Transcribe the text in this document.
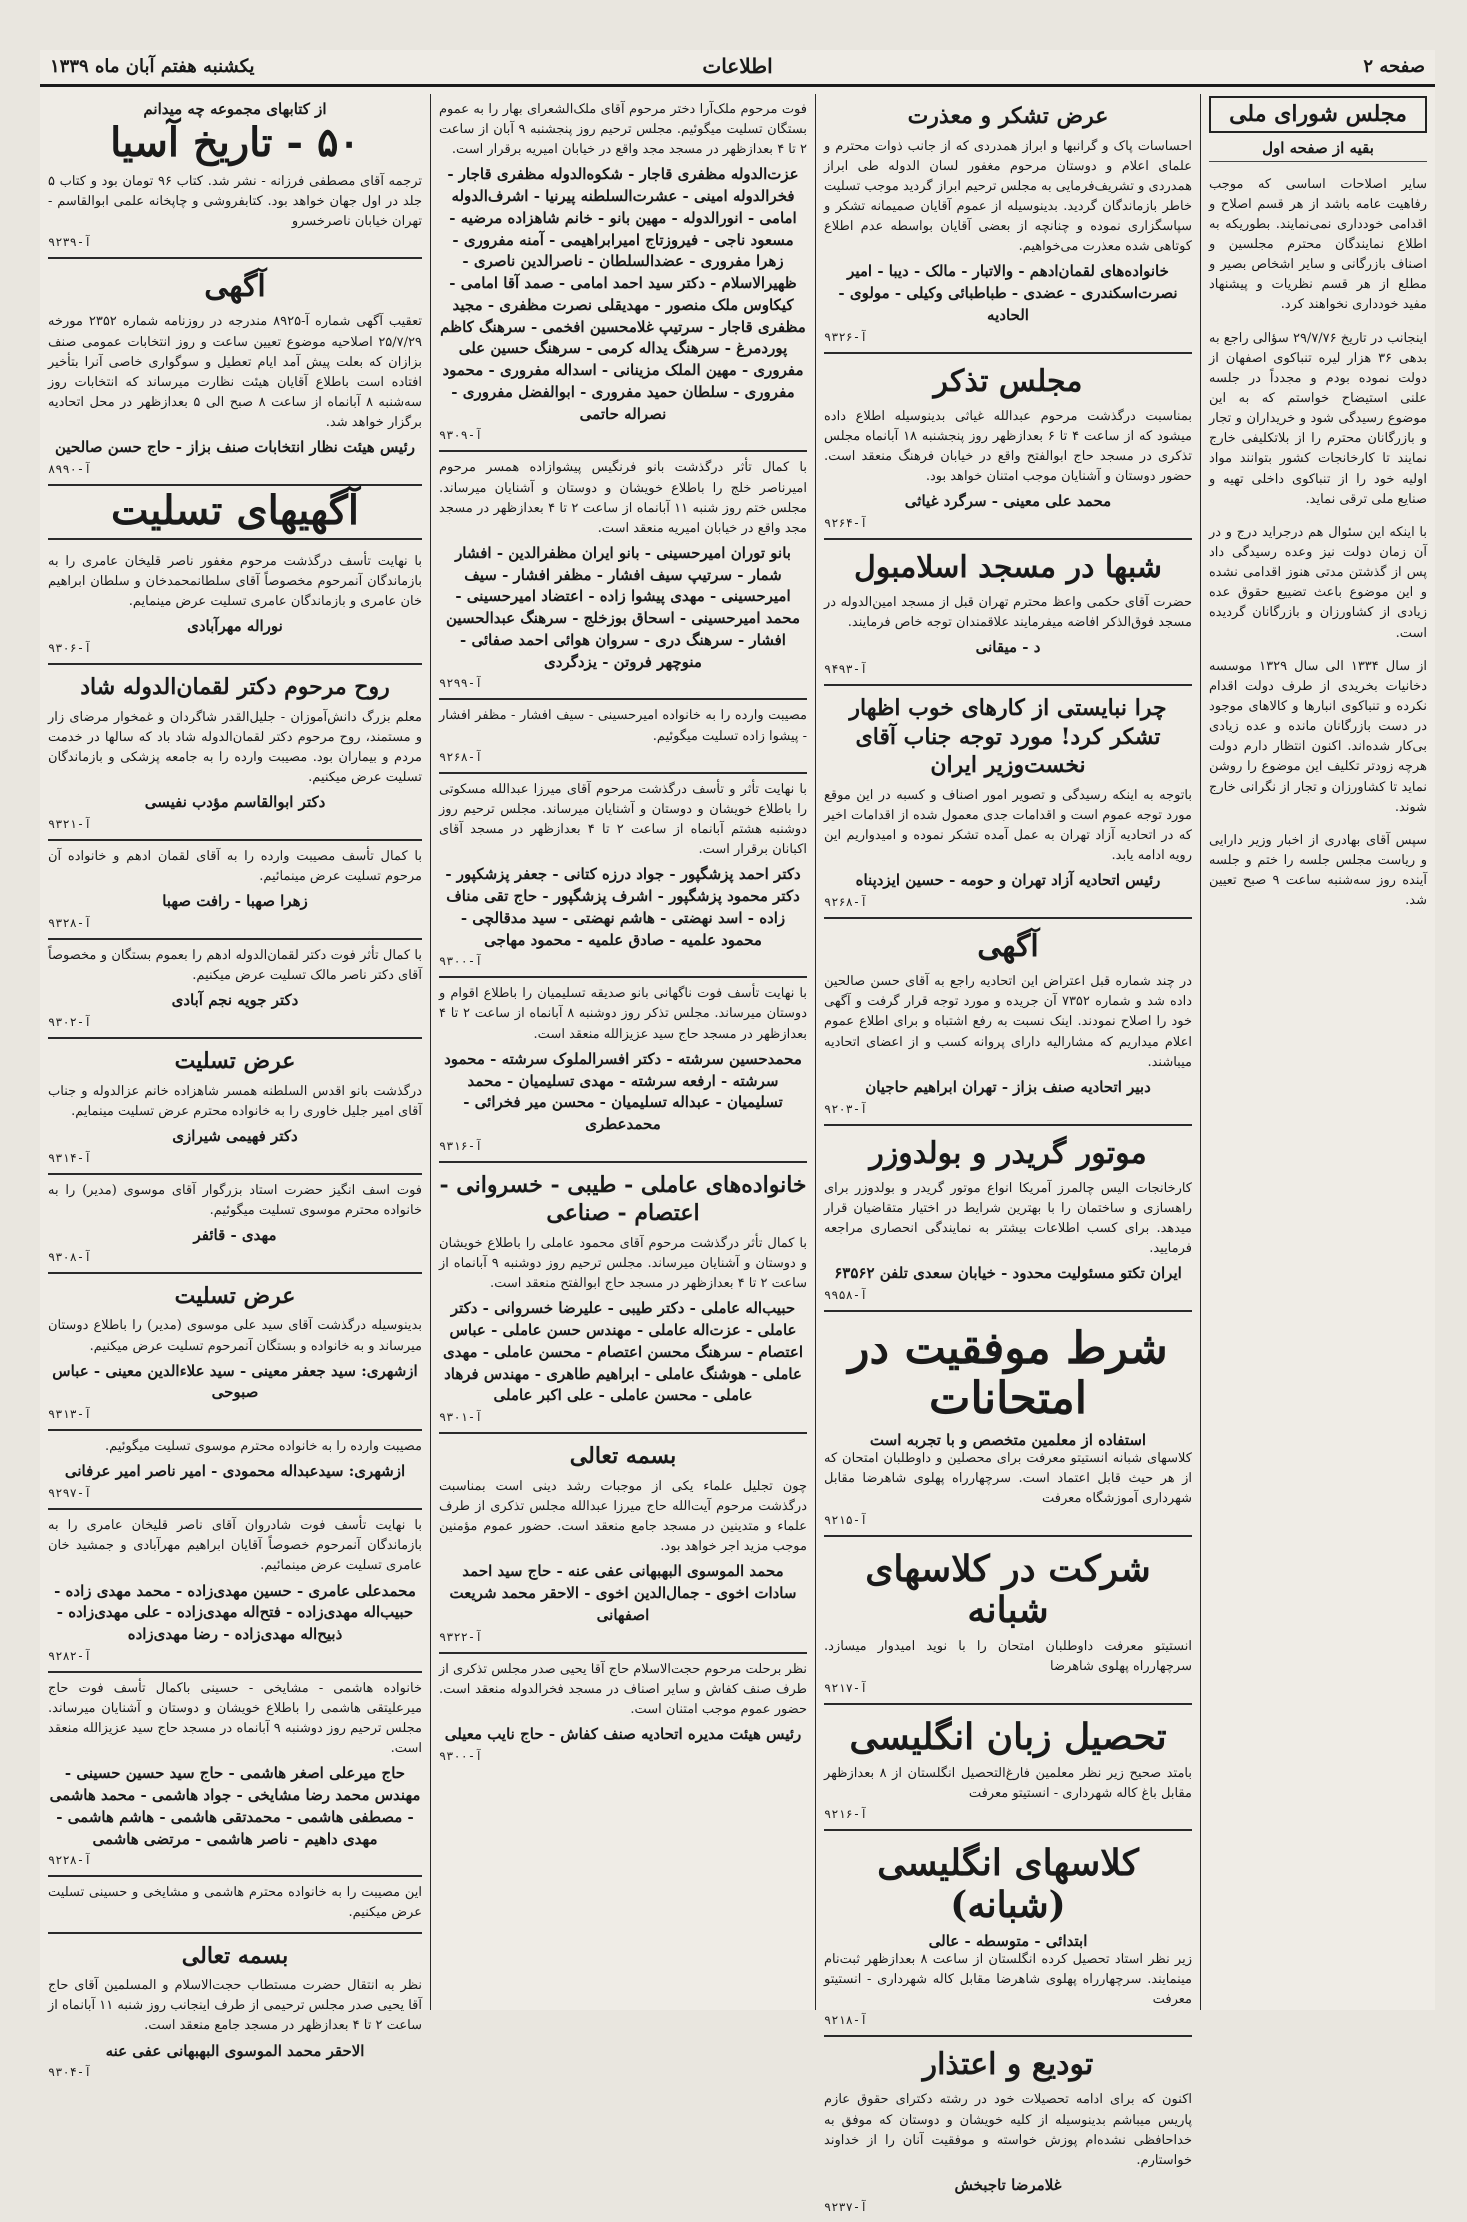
صفحه ۲
اطلاعات
یکشنبه هفتم آبان ماه ۱۳۳۹
مجلس شورای ملی
بقیه از صفحه اول

سایر اصلاحات اساسی که موجب رفاهیت عامه باشد از هر قسم اصلاح و اقدامی خودداری نمی‌نمایند. بطوریکه به اطلاع نمایندگان محترم مجلسین و اصناف بازرگانی و سایر اشخاص بصیر و مطلع از هر قسم نظریات و پیشنهاد مفید خودداری نخواهند کرد.

اینجانب در تاریخ ۲۹/۷/۷۶ سؤالی راجع به بدهی ۳۶ هزار لیره تنباکوی اصفهان از دولت نموده بودم و مجدداً در جلسه علنی استیضاح خواستم که به این موضوع رسیدگی شود و خریداران و تجار و بازرگانان محترم را از بلاتکلیفی خارج نمایند تا کارخانجات کشور بتوانند مواد اولیه خود را از تنباکوی داخلی تهیه و صنایع ملی ترقی نماید.

با اینکه این سئوال هم درجراید درج و در آن زمان دولت نیز وعده رسیدگی داد پس از گذشتن مدتی هنوز اقدامی نشده و این موضوع باعث تضییع حقوق عده زیادی از کشاورزان و بازرگانان گردیده است.

از سال ۱۳۳۴ الی سال ۱۳۲۹ موسسه دخانیات بخریدی از طرف دولت اقدام نکرده و تنباکوی انبارها و کالاهای موجود در دست بازرگانان مانده و عده زیادی بی‌کار شده‌اند. اکنون انتظار دارم دولت هرچه زودتر تکلیف این موضوع را روشن نماید تا کشاورزان و تجار از نگرانی خارج شوند.

سپس آقای بهادری از اخبار وزیر دارایی و ریاست مجلس جلسه را ختم و جلسه آینده روز سه‌شنبه ساعت ۹ صبح تعیین شد.

عرض تشکر و معذرت
احساسات پاک و گرانبها و ابراز همدردی که از جانب ذوات محترم و علمای اعلام و دوستان مرحوم مغفور لسان الدوله طی ابراز همدردی و تشریف‌فرمایی به مجلس ترحیم ابراز گردید موجب تسلیت خاطر بازماندگان گردید. بدینوسیله از عموم آقایان صمیمانه تشکر و سپاسگزاری نموده و چنانچه از بعضی آقایان بواسطه عدم اطلاع کوتاهی شده معذرت می‌خواهیم.
خانواده‌های لقمان‌ادهم - والاتبار - مالک - دیبا - امیر نصرت‌اسکندری - عضدی - طباطبائی وکیلی - مولوی - الحادیه
آ-۹۳۲۶
مجلس تذکر
بمناسبت درگذشت مرحوم عبدالله غیاثی بدینوسیله اطلاع داده میشود که از ساعت ۴ تا ۶ بعدازظهر روز پنجشنبه ۱۸ آبانماه مجلس تذکری در مسجد حاج ابوالفتح واقع در خیابان فرهنگ منعقد است. حضور دوستان و آشنایان موجب امتنان خواهد بود.
محمد علی معینی - سرگرد غیاثی
آ-۹۲۶۴
شبها در مسجد اسلامبول
حضرت آقای حکمی واعظ محترم تهران قبل از مسجد امین‌الدوله در مسجد فوق‌الذکر افاضه میفرمایند علاقمندان توجه خاص فرمایند.
د - میقانی
آ-۹۴۹۳
چرا نبایستی از کارهای خوب اظهار تشکر کرد! مورد توجه جناب آقای نخست‌وزیر ایران
باتوجه به اینکه رسیدگی و تصویر امور اصناف و کسبه در این موقع مورد توجه عموم است و اقدامات جدی معمول شده از اقدامات اخیر که در اتحادیه آزاد تهران به عمل آمده تشکر نموده و امیدواریم این رویه ادامه یابد.
رئیس اتحادیه آزاد تهران و حومه - حسین ایزدپناه
آ-۹۲۶۸
آگهی
در چند شماره قبل اعتراض این اتحادیه راجع به آقای حسن صالحین داده شد و شماره ۷۳۵۲ آن جریده و مورد توجه قرار گرفت و آگهی خود را اصلاح نمودند. اینک نسبت به رفع اشتباه و برای اطلاع عموم اعلام میداریم که مشارالیه دارای پروانه کسب و از اعضای اتحادیه میباشند.
دبیر اتحادیه صنف بزاز - تهران ابراهیم حاجیان
آ-۹۲۰۳
موتور گریدر و بولدوزر
کارخانجات الیس چالمرز آمریکا انواع موتور گریدر و بولدوزر برای راهسازی و ساختمان را با بهترین شرایط در اختیار متقاضیان قرار میدهد. برای کسب اطلاعات بیشتر به نمایندگی انحصاری مراجعه فرمایید.
ایران تکتو مسئولیت محدود - خیابان سعدی تلفن ۶۳۵۶۲
آ-۹۹۵۸
شرط موفقیت در امتحانات
استفاده از معلمین متخصص و با تجربه است
کلاسهای شبانه انستیتو معرفت برای محصلین و داوطلبان امتحان که از هر حیث قابل اعتماد است. سرچهارراه پهلوی شاهرضا مقابل شهرداری آموزشگاه معرفت
آ-۹۲۱۵
شرکت در کلاسهای شبانه
انستیتو معرفت داوطلبان امتحان را با نوید امیدوار میسازد. سرچهارراه پهلوی شاهرضا
آ-۹۲۱۷
تحصیل زبان انگلیسی
بامتد صحیح زیر نظر معلمین فارغ‌التحصیل انگلستان از ۸ بعدازظهر مقابل باغ کاله شهرداری - انستیتو معرفت
آ-۹۲۱۶
کلاسهای انگلیسی (شبانه)
ابتدائی - متوسطه - عالی
زیر نظر استاد تحصیل کرده انگلستان از ساعت ۸ بعدازظهر ثبت‌نام مینمایند. سرچهارراه پهلوی شاهرضا مقابل کاله شهرداری - انستیتو معرفت
آ-۹۲۱۸
تودیع و اعتذار
اکنون که برای ادامه تحصیلات خود در رشته دکترای حقوق عازم پاریس میباشم بدینوسیله از کلیه خویشان و دوستان که موفق به خداحافظی نشده‌ام پوزش خواسته و موفقیت آنان را از خداوند خواستارم.
غلامرضا تاجبخش
آ-۹۲۳۷
فوت مرحوم ملک‌آرا دختر مرحوم آقای ملک‌الشعرای بهار را به عموم بستگان تسلیت میگوئیم. مجلس ترحیم روز پنجشنبه ۹ آبان از ساعت ۲ تا ۴ بعدازظهر در مسجد مجد واقع در خیابان امیریه برقرار است.
عزت‌الدوله مظفری قاجار - شکوه‌الدوله مظفری قاجار - فخرالدوله امینی - عشرت‌السلطنه پیرنیا - اشرف‌الدوله امامی - انورالدوله - مهین بانو - خانم شاهزاده مرضیه - مسعود ناجی - فیروزتاج امیرابراهیمی - آمنه مفروری - زهرا مفروری - عضدالسلطان - ناصرالدین ناصری - ظهیرالاسلام - دکتر سید احمد امامی - صمد آقا امامی - کیکاوس ملک منصور - مهدیقلی نصرت مظفری - مجید مظفری قاجار - سرتیپ غلامحسین افخمی - سرهنگ کاظم پوردمرغ - سرهنگ یداله کرمی - سرهنگ حسین علی مفروری - مهین الملک مزینانی - اسداله مفروری - محمود مفروری - سلطان حمید مفروری - ابوالفضل مفروری - نصراله حاتمی
آ-۹۳۰۹
با کمال تأثر درگذشت بانو فرنگیس پیشوازاده همسر مرحوم امیرناصر خلج را باطلاع خویشان و دوستان و آشنایان میرساند. مجلس ختم روز شنبه ۱۱ آبانماه از ساعت ۲ تا ۴ بعدازظهر در مسجد مجد واقع در خیابان امیریه منعقد است.
بانو توران امیرحسینی - بانو ایران مظفرالدین - افشار شمار - سرتیپ سیف افشار - مظفر افشار - سیف امیرحسینی - مهدی پیشوا زاده - اعتضاد امیرحسینی - محمد امیرحسینی - اسحاق بوزخلج - سرهنگ عبدالحسین افشار - سرهنگ دری - سروان هوائی احمد صفائی - منوچهر فروتن - یزدگردی
آ-۹۲۹۹
مصیبت وارده را به خانواده امیرحسینی - سیف افشار - مظفر افشار - پیشوا زاده تسلیت میگوئیم.
آ-۹۲۶۸
با نهایت تأثر و تأسف درگذشت مرحوم آقای میرزا عبدالله مسکوتی را باطلاع خویشان و دوستان و آشنایان میرساند. مجلس ترحیم روز دوشنبه هشتم آبانماه از ساعت ۲ تا ۴ بعدازظهر در مسجد آقای اکبانان برقرار است.
دکتر احمد پزشگپور - جواد درزه کتانی - جعفر پزشکپور - دکتر محمود پزشگپور - اشرف پزشگپور - حاج تقی مناف زاده - اسد نهضتی - هاشم نهضتی - سید مدقالچی - محمود علمیه - صادق علمیه - محمود مهاجی
آ-۹۳۰۰
با نهایت تأسف فوت ناگهانی بانو صدیقه تسلیمیان را باطلاع اقوام و دوستان میرساند. مجلس تذکر روز دوشنبه ۸ آبانماه از ساعت ۲ تا ۴ بعدازظهر در مسجد حاج سید عزیزالله منعقد است.
محمدحسین سرشته - دکتر افسرالملوک سرشته - محمود سرشته - ارفعه سرشته - مهدی تسلیمیان - محمد تسلیمیان - عبداله تسلیمیان - محسن میر فخرائی - محمدعطری
آ-۹۳۱۶
خانواده‌های عاملی - طیبی - خسروانی - اعتصام - صناعی
با کمال تأثر درگذشت مرحوم آقای محمود عاملی را باطلاع خویشان و دوستان و آشنایان میرساند. مجلس ترحیم روز دوشنبه ۹ آبانماه از ساعت ۲ تا ۴ بعدازظهر در مسجد حاج ابوالفتح منعقد است.
حبیب‌اله عاملی - دکتر طیبی - علیرضا خسروانی - دکتر عاملی - عزت‌اله عاملی - مهندس حسن عاملی - عباس اعتصام - سرهنگ محسن اعتصام - محسن عاملی - مهدی عاملی - هوشنگ عاملی - ابراهیم طاهری - مهندس فرهاد عاملی - محسن عاملی - علی اکبر عاملی
آ-۹۳۰۱
بسمه تعالی
چون تجلیل علماء یکی از موجبات رشد دینی است بمناسبت درگذشت مرحوم آیت‌الله حاج میرزا عبدالله مجلس تذکری از طرف علماء و متدینین در مسجد جامع منعقد است. حضور عموم مؤمنین موجب مزید اجر خواهد بود.
محمد الموسوی البهبهانی عفی عنه - حاج سید احمد سادات اخوی - جمال‌الدین اخوی - الاحقر محمد شریعت اصفهانی
آ-۹۳۲۲
نظر برحلت مرحوم حجت‌الاسلام حاج آقا یحیی صدر مجلس تذکری از طرف صنف کفاش و سایر اصناف در مسجد فخرالدوله منعقد است. حضور عموم موجب امتنان است.
رئیس هیئت مدیره اتحادیه صنف کفاش - حاج نایب معیلی
آ-۹۳۰۰
از کتابهای مجموعه چه میدانم
۵۰ - تاریخ آسیا
ترجمه آقای مصطفی فرزانه - نشر شد. کتاب ۹۶ تومان بود و کتاب ۵ جلد در اول جهان خواهد بود. کتابفروشی و چاپخانه علمی ابوالقاسم - تهران خیابان ناصرخسرو
آ-۹۲۳۹
آگهی
تعقیب آگهی شماره آ-۸۹۲۵ مندرجه در روزنامه شماره ۲۳۵۲ مورخه ۲۵/۷/۲۹ اصلاحیه موضوع تعیین ساعت و روز انتخابات عمومی صنف بزازان که بعلت پیش آمد ایام تعطیل و سوگواری خاصی آنرا بتأخیر افتاده است باطلاع آقایان هیئت نظارت میرساند که انتخابات روز سه‌شنبه ۸ آبانماه از ساعت ۸ صبح الی ۵ بعدازظهر در محل اتحادیه برگزار خواهد شد.
رئیس هیئت نظار انتخابات صنف بزاز - حاج حسن صالحین
آ-۸۹۹۰
آگهیهای تسلیت
با نهایت تأسف درگذشت مرحوم مغفور ناصر قلیخان عامری را به بازماندگان آنمرحوم مخصوصاً آقای سلطانمحمدخان و سلطان ابراهیم خان عامری و بازماندگان عامری تسلیت عرض مینمایم.
نوراله مهرآبادی
آ-۹۳۰۶
روح مرحوم دکتر لقمان‌الدوله شاد
معلم بزرگ دانش‌آموزان - جلیل‌القدر شاگردان و غمخوار مرضای زار و مستمند، روح مرحوم دکتر لقمان‌الدوله شاد باد که سالها در خدمت مردم و بیماران بود. مصیبت وارده را به جامعه پزشکی و بازماندگان تسلیت عرض میکنیم.
دکتر ابوالقاسم مؤدب نفیسی
آ-۹۳۲۱
با کمال تأسف مصیبت وارده را به آقای لقمان ادهم و خانواده آن مرحوم تسلیت عرض مینمائیم.
زهرا صهبا - رافت صهبا
آ-۹۳۲۸
با کمال تأثر فوت دکتر لقمان‌الدوله ادهم را بعموم بستگان و مخصوصاً آقای دکتر ناصر مالک تسلیت عرض میکنیم.
دکتر جویه نجم آبادی
آ-۹۳۰۲
عرض تسلیت
درگذشت بانو اقدس السلطنه همسر شاهزاده خانم عزالدوله و جناب آقای امیر جلیل خاوری را به خانواده محترم عرض تسلیت مینمایم.
دکتر فهیمی شیرازی
آ-۹۳۱۴
فوت اسف انگیز حضرت استاد بزرگوار آقای موسوی (مدیر) را به خانواده محترم موسوی تسلیت میگوئیم.
مهدی - قائفر
آ-۹۳۰۸
عرض تسلیت
بدینوسیله درگذشت آقای سید علی موسوی (مدیر) را باطلاع دوستان میرساند و به خانواده و بستگان آنمرحوم تسلیت عرض میکنیم.
ازشهری: سید جعفر معینی - سید علاءالدین معینی - عباس صبوحی
آ-۹۳۱۳
مصیبت وارده را به خانواده محترم موسوی تسلیت میگوئیم.
ازشهری: سیدعبداله محمودی - امیر ناصر امیر عرفانی
آ-۹۲۹۷
با نهایت تأسف فوت شادروان آقای ناصر قلیخان عامری را به بازماندگان آنمرحوم خصوصاً آقایان ابراهیم مهرآبادی و جمشید خان عامری تسلیت عرض مینمائیم.
محمدعلی عامری - حسین مهدی‌زاده - محمد مهدی زاده - حبیب‌اله مهدی‌زاده - فتح‌اله مهدی‌زاده - علی مهدی‌زاده - ذبیح‌اله مهدی‌زاده - رضا مهدی‌زاده
آ-۹۲۸۲
خانواده هاشمی - مشایخی - حسینی باکمال تأسف فوت حاج میرعلیتقی هاشمی را باطلاع خویشان و دوستان و آشنایان میرساند. مجلس ترحیم روز دوشنبه ۹ آبانماه در مسجد حاج سید عزیزالله منعقد است.
حاج میرعلی اصغر هاشمی - حاج سید حسین حسینی - مهندس محمد رضا مشایخی - جواد هاشمی - محمد هاشمی - مصطفی هاشمی - محمدتقی هاشمی - هاشم هاشمی - مهدی داهیم - ناصر هاشمی - مرتضی هاشمی
آ-۹۲۲۸
این مصیبت را به خانواده محترم هاشمی و مشایخی و حسینی تسلیت عرض میکنیم.
بسمه تعالی
نظر به انتقال حضرت مستطاب حجت‌الاسلام و المسلمین آقای حاج آقا یحیی صدر مجلس ترحیمی از طرف اینجانب روز شنبه ۱۱ آبانماه از ساعت ۲ تا ۴ بعدازظهر در مسجد جامع منعقد است.
الاحقر محمد الموسوی البهبهانی عفی عنه
آ-۹۳۰۴
